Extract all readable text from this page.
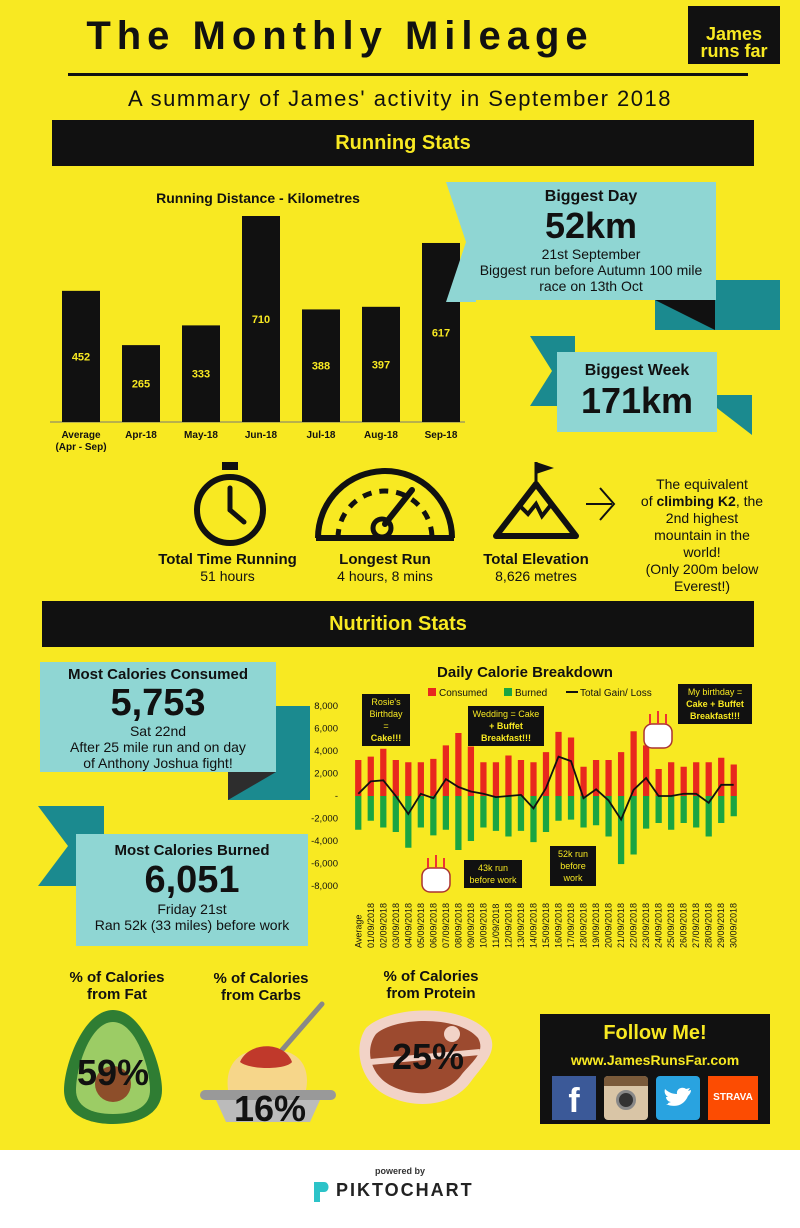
The Monthly Mileage	James
runs far
A summary of James' activity in September 2018
Running Stats
Running Distance - Kilometres
452
Average
(Apr - Sep)
265
Apr-18
333
May-18
710
Jun-18
388
Jul-18
397
Aug-18
617
Sep-18
Biggest Day
52km
21st September
Biggest run before Autumn 100 mile race on 13th Oct
Biggest Week
171km
Total Time Running
51 hours
Longest Run
4 hours, 8 mins
Total Elevation
8,626 metres
The equivalent
of climbing K2, the
2nd highest
mountain in the
world!
(Only 200m below
Everest!)
Nutrition Stats
Most Calories Consumed
5,753
Sat 22nd
After 25 mile run and on day
of Anthony Joshua fight!
Most Calories Burned
6,051
Friday 21st
Ran 52k (33 miles) before work
Daily Calorie Breakdown
Consumed	Burned	Total Gain/ Loss
8,000
6,000
4,000
2,000
-
-2,000
-4,000
-6,000
-8,000
Average 01/09/2018 02/09/2018 03/09/2018 04/09/2018 05/09/2018 06/09/2018 07/09/2018 08/09/2018 09/09/2018 10/09/2018 11/09/2018 12/09/2018 13/09/2018 14/09/2018 15/09/2018 16/09/2018 17/09/2018 18/09/2018 19/09/2018 20/09/2018 21/09/2018 22/09/2018 23/09/2018 24/09/2018 25/09/2018 26/09/2018 27/09/2018 28/09/2018 29/09/2018 30/09/2018
Rosie's
Birthday =
Cake!!!
Wedding = Cake
+ Buffet
Breakfast!!!
My birthday =
Cake + Buffet
Breakfast!!!
43k run
before work
52k run
before
work
% of Calories
from Fat
59%
% of Calories
from Carbs
16%
% of Calories
from Protein
25%
Follow Me!
www.JamesRunsFar.com
f	STRAVA
powered by
PIKTOCHART
